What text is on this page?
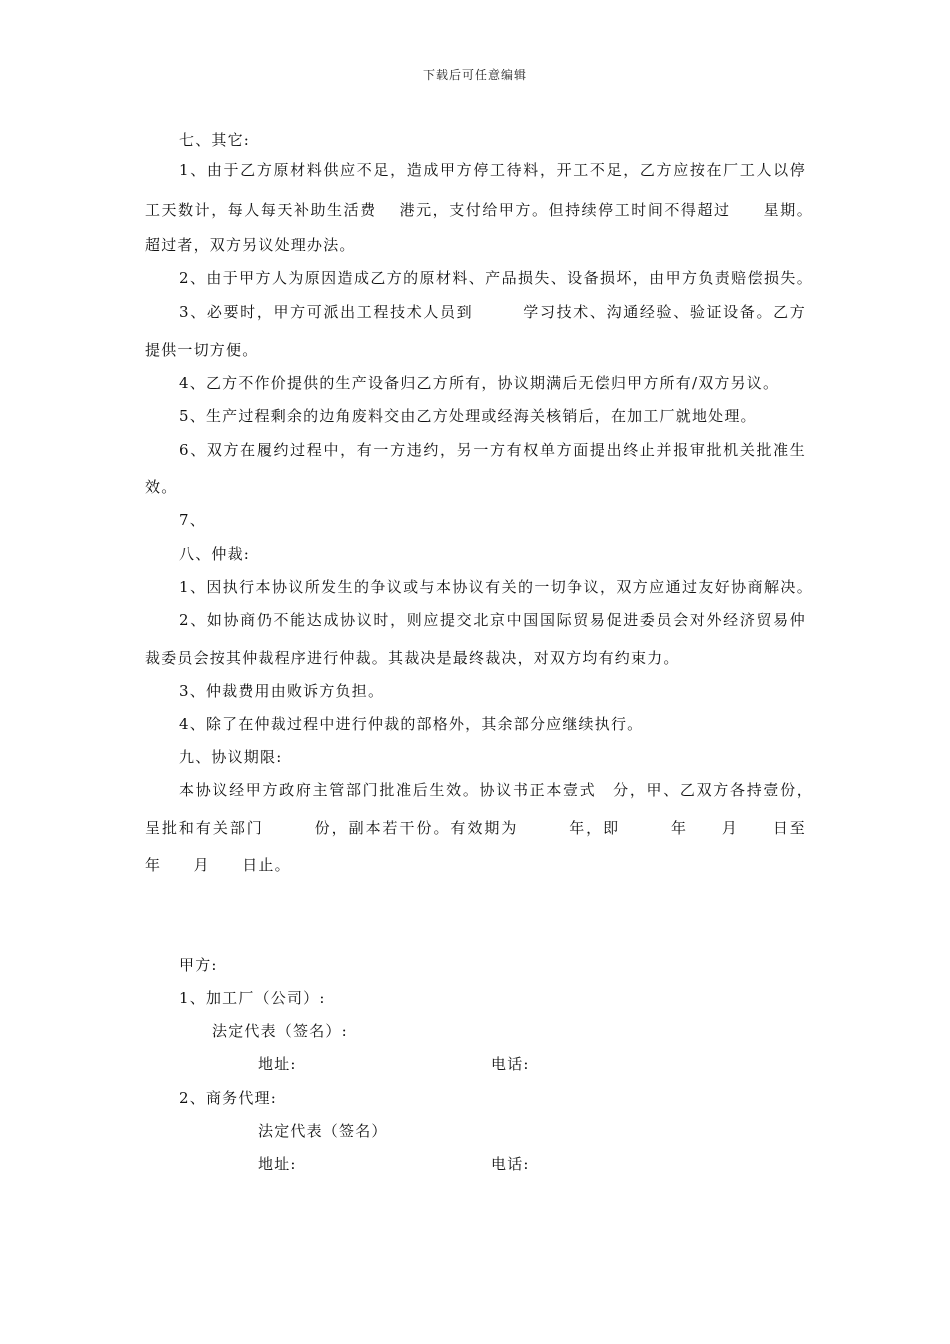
下载后可任意编辑
七、其它:
1、由于乙方原材料供应不足，造成甲方停工待料，开工不足，乙方应按在厂工人以停
工天数计，每人每天补助生活费　 港元，支付给甲方。但持续停工时间不得超过　　星期。
超过者，双方另议处理办法。
2、由于甲方人为原因造成乙方的原材料、产品损失、设备损坏，由甲方负责赔偿损失。
3、必要时，甲方可派出工程技术人员到　　　学习技术、沟通经验、验证设备。乙方
提供一切方便。
4、乙方不作价提供的生产设备归乙方所有，协议期满后无偿归甲方所有/双方另议。
5、生产过程剩余的边角废料交由乙方处理或经海关核销后，在加工厂就地处理。
6、双方在履约过程中，有一方违约，另一方有权单方面提出终止并报审批机关批准生
效。
7、
八、仲裁:
1、因执行本协议所发生的争议或与本协议有关的一切争议，双方应通过友好协商解决。
2、如协商仍不能达成协议时，则应提交北京中国国际贸易促进委员会对外经济贸易仲
裁委员会按其仲裁程序进行仲裁。其裁决是最终裁决，对双方均有约束力。
3、仲裁费用由败诉方负担。
4、除了在仲裁过程中进行仲裁的部格外，其余部分应继续执行。
九、协议期限:
本协议经甲方政府主管部门批准后生效。协议书正本壹式　分，甲、乙双方各持壹份，
呈批和有关部门　　　份，副本若干份。有效期为　　　年，即　　　年　　月　　日至
年　　月　　日止。
甲方:
1、加工厂（公司）:
法定代表（签名）:
地址:	电话:
2、商务代理:
法定代表（签名）
地址:	电话:
